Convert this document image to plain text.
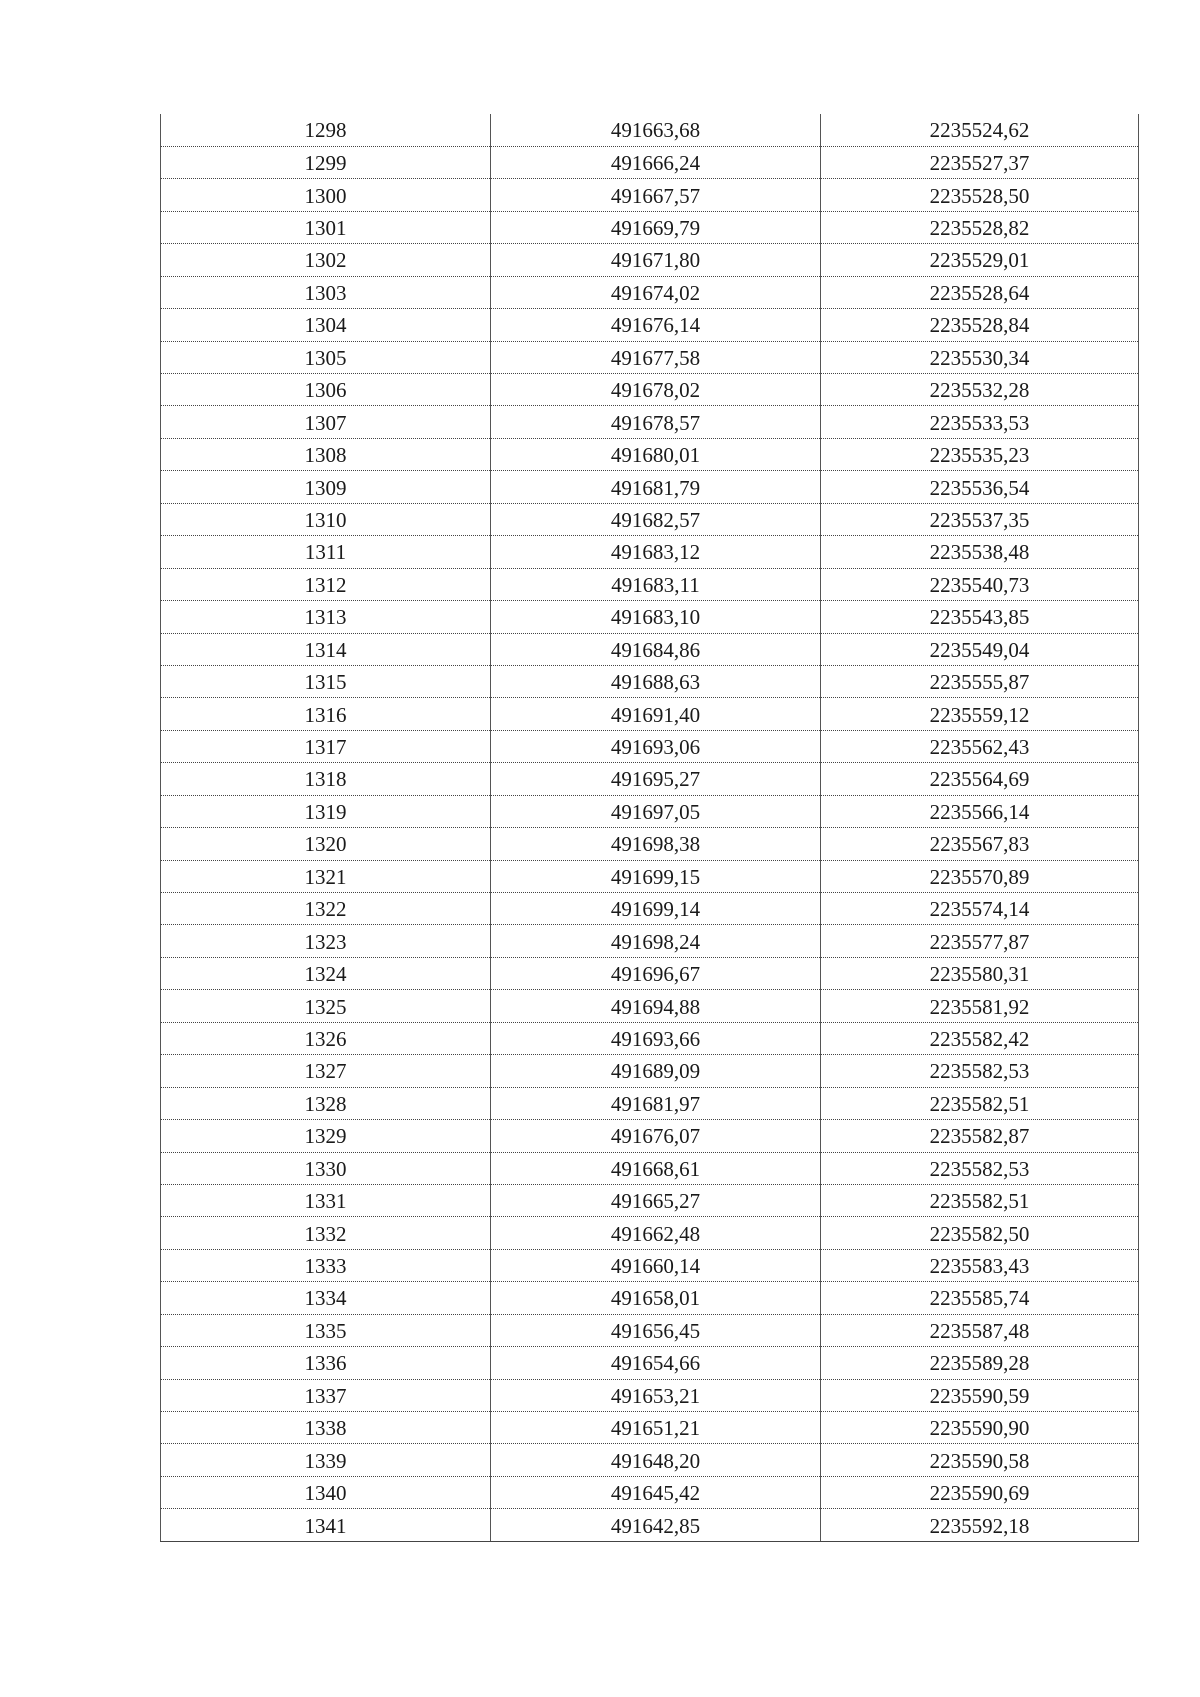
1298	491663,68	2235524,62
1299	491666,24	2235527,37
1300	491667,57	2235528,50
1301	491669,79	2235528,82
1302	491671,80	2235529,01
1303	491674,02	2235528,64
1304	491676,14	2235528,84
1305	491677,58	2235530,34
1306	491678,02	2235532,28
1307	491678,57	2235533,53
1308	491680,01	2235535,23
1309	491681,79	2235536,54
1310	491682,57	2235537,35
1311	491683,12	2235538,48
1312	491683,11	2235540,73
1313	491683,10	2235543,85
1314	491684,86	2235549,04
1315	491688,63	2235555,87
1316	491691,40	2235559,12
1317	491693,06	2235562,43
1318	491695,27	2235564,69
1319	491697,05	2235566,14
1320	491698,38	2235567,83
1321	491699,15	2235570,89
1322	491699,14	2235574,14
1323	491698,24	2235577,87
1324	491696,67	2235580,31
1325	491694,88	2235581,92
1326	491693,66	2235582,42
1327	491689,09	2235582,53
1328	491681,97	2235582,51
1329	491676,07	2235582,87
1330	491668,61	2235582,53
1331	491665,27	2235582,51
1332	491662,48	2235582,50
1333	491660,14	2235583,43
1334	491658,01	2235585,74
1335	491656,45	2235587,48
1336	491654,66	2235589,28
1337	491653,21	2235590,59
1338	491651,21	2235590,90
1339	491648,20	2235590,58
1340	491645,42	2235590,69
1341	491642,85	2235592,18
